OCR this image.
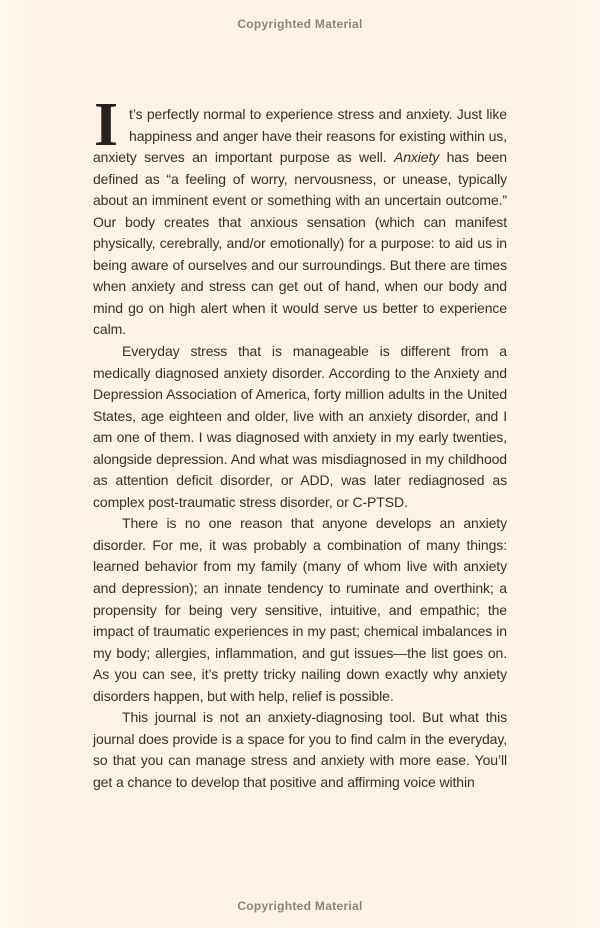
Copyrighted Material

It’s perfectly normal to experience stress and anxiety. Just like happiness and anger have their reasons for existing within us, anxiety serves an important purpose as well. Anxiety has been defined as “a feeling of worry, nervousness, or unease, typically about an imminent event or something with an uncertain outcome.” Our body creates that anxious sensation (which can manifest physically, cerebrally, and/or emotionally) for a purpose: to aid us in being aware of ourselves and our surroundings. But there are times when anxiety and stress can get out of hand, when our body and mind go on high alert when it would serve us better to experience calm.

Everyday stress that is manageable is different from a medically diagnosed anxiety disorder. According to the Anxiety and Depression Association of America, forty million adults in the United States, age eighteen and older, live with an anxiety disorder, and I am one of them. I was diagnosed with anxiety in my early twenties, alongside depression. And what was misdiagnosed in my childhood as attention deficit disorder, or ADD, was later rediagnosed as complex post-traumatic stress disorder, or C-PTSD.

There is no one reason that anyone develops an anxiety disorder. For me, it was probably a combination of many things: learned behavior from my family (many of whom live with anxiety and depression); an innate tendency to ruminate and overthink; a propensity for being very sensitive, intuitive, and empathic; the impact of traumatic experiences in my past; chemical imbalances in my body; allergies, inflammation, and gut issues—the list goes on. As you can see, it’s pretty tricky nailing down exactly why anxiety disorders happen, but with help, relief is possible.

This journal is not an anxiety-diagnosing tool. But what this journal does provide is a space for you to find calm in the everyday, so that you can manage stress and anxiety with more ease. You’ll get a chance to develop that positive and affirming voice within

Copyrighted Material
